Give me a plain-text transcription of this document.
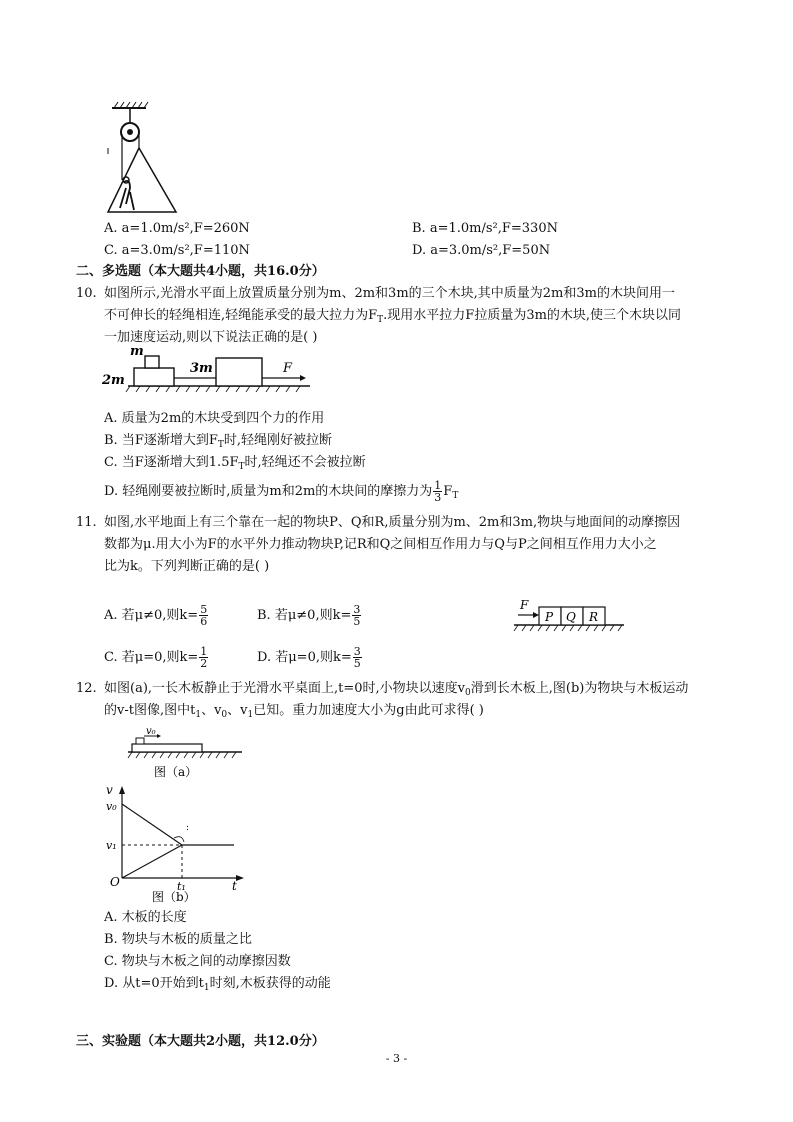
A. a=1.0m/s²,F=260N	B. a=1.0m/s²,F=330N
C. a=3.0m/s²,F=110N	D. a=3.0m/s²,F=50N
二、多选题（本大题共4小题，共16.0分）
10. 如图所示,光滑水平面上放置质量分别为m、2m和3m的三个木块,其中质量为2m和3m的木块间用一
不可伸长的轻绳相连,轻绳能承受的最大拉力为$F_T$.现用水平拉力F拉质量为3m的木块,使三个木块以同
一加速度运动,则以下说法正确的是( )
m
2m
3m	F
A. 质量为2m的木块受到四个力的作用
B. 当F逐渐增大到$F_T$时,轻绳刚好被拉断
C. 当F逐渐增大到$1.5F_T$时,轻绳还不会被拉断
D. 轻绳刚要被拉断时,质量为m和2m的木块间的摩擦力为 $\frac{1}{3} F_T$
11. 如图,水平地面上有三个靠在一起的物块P、Q和R,质量分别为m、2m和3m,物块与地面间的动摩擦因
数都为μ.用大小为F的水平外力推动物块P,记R和Q之间相互作用力与Q与P之间相互作用力大小之
比为k。下列判断正确的是( )
A. 若μ≠0,则$k= \frac{5}{6}$	B. 若μ≠0,则$k= \frac{3}{5}$
C. 若μ=0,则$k= \frac{1}{2}$	D. 若μ=0,则$k= \frac{3}{5}$
F
P Q R
12. 如图(a),一长木板静止于光滑水平桌面上,t=0时,小物块以速度$v_0$滑到长木板上,图(b)为物块与木板运动
的v-t图像,图中$t_1$、$v_0$、$v_1$已知。重力加速度大小为g由此可求得( )
v₀
图（a）
:
v
v₀
v₁
O	t₁	t
图（b）
A. 木板的长度
B. 物块与木板的质量之比
C. 物块与木板之间的动摩擦因数
D. 从t=0开始到$t_1$时刻,木板获得的动能
三、实验题（本大题共2小题，共12.0分）
- 3 -
